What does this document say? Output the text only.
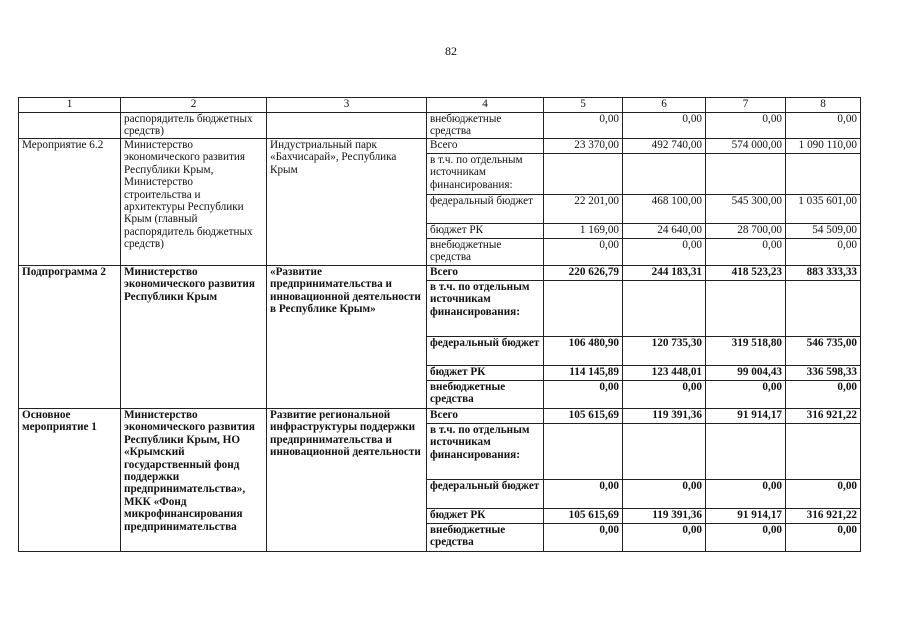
82
1	2	3	4	5	6	7	8
	распорядитель бюджетных средств)		внебюджетные средства	0,00	0,00	0,00	0,00
Мероприятие 6.2	Министерство экономического развития Республики Крым, Министерство строительства и архитектуры Республики Крым (главный распорядитель бюджетных средств)	Индустриальный парк «Бахчисарай», Республика Крым	Всего	23 370,00	492 740,00	574 000,00	1 090 110,00
			в т.ч. по отдельным источникам финансирования:				
			федеральный бюджет	22 201,00	468 100,00	545 300,00	1 035 601,00
			бюджет РК	1 169,00	24 640,00	28 700,00	54 509,00
			внебюджетные средства	0,00	0,00	0,00	0,00
Подпрограмма 2	Министерство экономического развития Республики Крым	«Развитие предпринимательства и инновационной деятельности в Республике Крым»	Всего	220 626,79	244 183,31	418 523,23	883 333,33
			в т.ч. по отдельным источникам финансирования:				
			федеральный бюджет	106 480,90	120 735,30	319 518,80	546 735,00
			бюджет РК	114 145,89	123 448,01	99 004,43	336 598,33
			внебюджетные средства	0,00	0,00	0,00	0,00
Основное мероприятие 1	Министерство экономического развития Республики Крым, НО «Крымский государственный фонд поддержки предпринимательства», МКК «Фонд микрофинансирования предпринимательства	Развитие региональной инфраструктуры поддержки предпринимательства и инновационной деятельности	Всего	105 615,69	119 391,36	91 914,17	316 921,22
			в т.ч. по отдельным источникам финансирования:				
			федеральный бюджет	0,00	0,00	0,00	0,00
			бюджет РК	105 615,69	119 391,36	91 914,17	316 921,22
			внебюджетные средства	0,00	0,00	0,00	0,00
